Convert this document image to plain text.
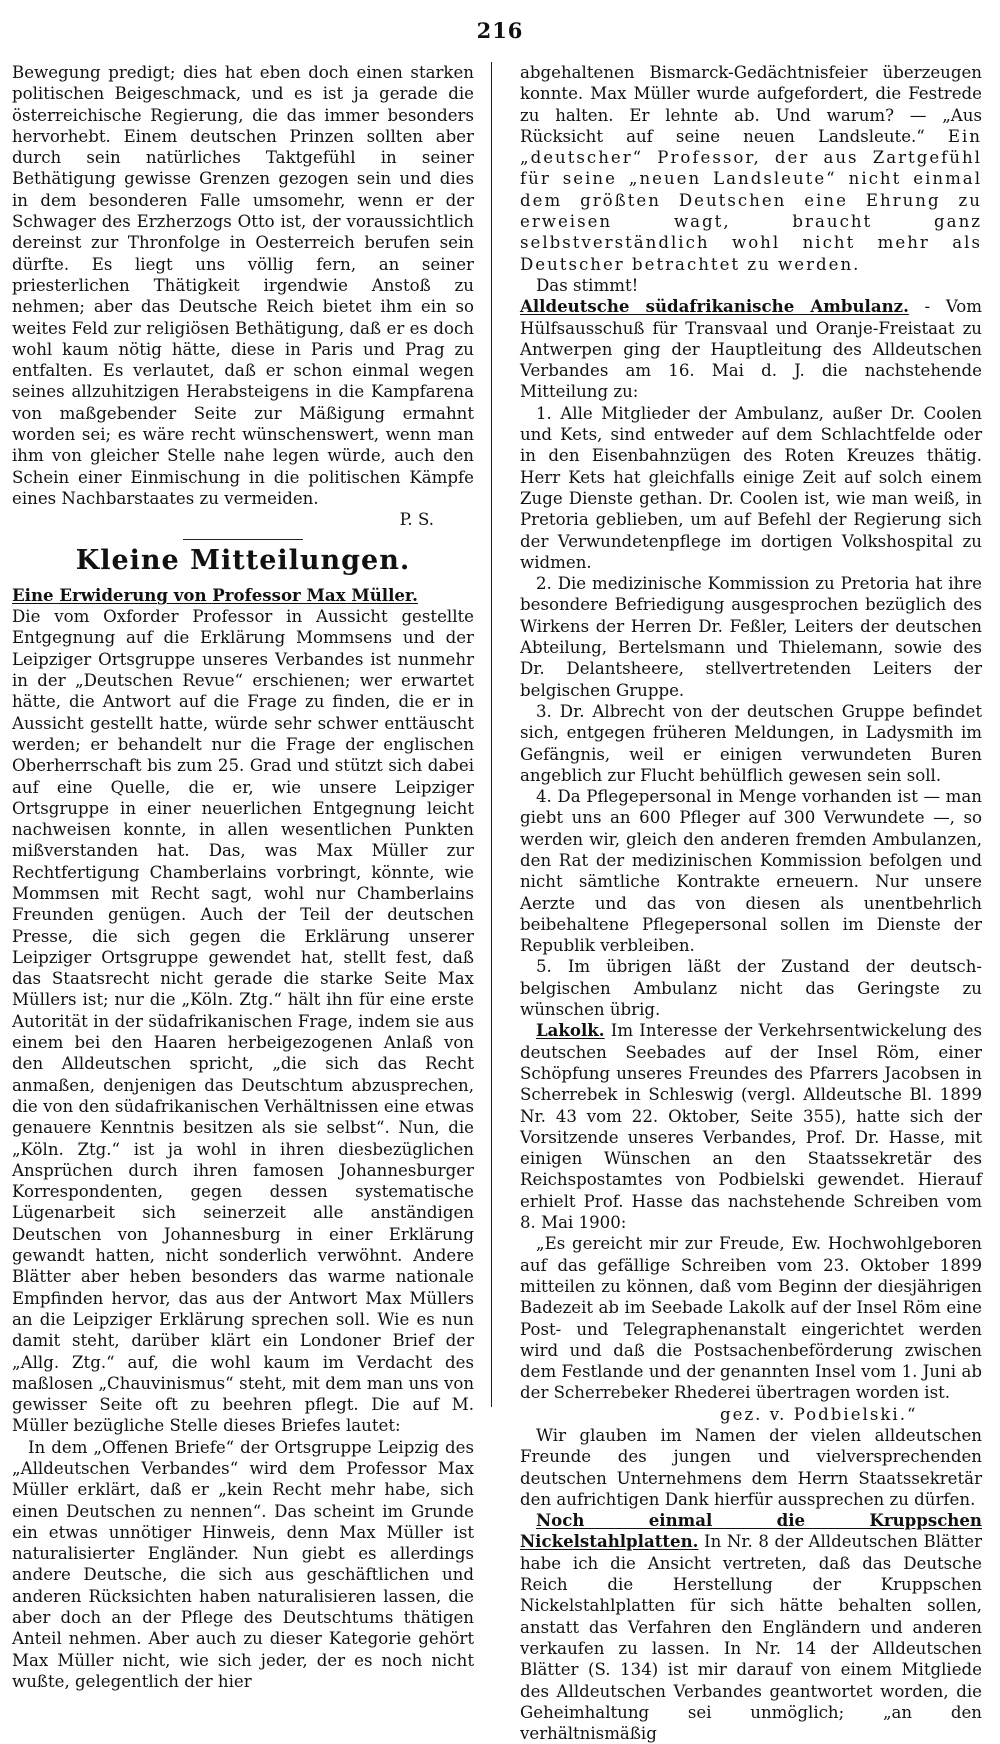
216

Bewegung predigt; dies hat eben doch einen starken politischen Beigeschmack, und es ist ja gerade die österreichische Regierung, die das immer besonders hervorhebt. Einem deutschen Prinzen sollten aber durch sein natürliches Taktgefühl in seiner Bethätigung gewisse Grenzen gezogen sein und dies in dem besonderen Falle umsomehr, wenn er der Schwager des Erzherzogs Otto ist, der voraussichtlich dereinst zur Thronfolge in Oesterreich berufen sein dürfte. Es liegt uns völlig fern, an seiner priesterlichen Thätigkeit irgendwie Anstoß zu nehmen; aber das Deutsche Reich bietet ihm ein so weites Feld zur religiösen Bethätigung, daß er es doch wohl kaum nötig hätte, diese in Paris und Prag zu entfalten. Es verlautet, daß er schon einmal wegen seines allzuhitzigen Herabsteigens in die Kampfarena von maßgebender Seite zur Mäßigung ermahnt worden sei; es wäre recht wünschenswert, wenn man ihm von gleicher Stelle nahe legen würde, auch den Schein einer Einmischung in die politischen Kämpfe eines Nachbarstaates zu vermeiden.

P. S.
Kleine Mitteilungen.

Eine Erwiderung von Professor Max Müller.

Die vom Oxforder Professor in Aussicht gestellte Entgegnung auf die Erklärung Mommsens und der Leipziger Ortsgruppe unseres Verbandes ist nunmehr in der „Deutschen Revue“ erschienen; wer erwartet hätte, die Antwort auf die Frage zu finden, die er in Aussicht gestellt hatte, würde sehr schwer enttäuscht werden; er behandelt nur die Frage der englischen Oberherrschaft bis zum 25. Grad und stützt sich dabei auf eine Quelle, die er, wie unsere Leipziger Ortsgruppe in einer neuerlichen Entgegnung leicht nachweisen konnte, in allen wesentlichen Punkten mißverstanden hat. Das, was Max Müller zur Rechtfertigung Chamberlains vorbringt, könnte, wie Mommsen mit Recht sagt, wohl nur Chamberlains Freunden genügen. Auch der Teil der deutschen Presse, die sich gegen die Erklärung unserer Leipziger Ortsgruppe gewendet hat, stellt fest, daß das Staatsrecht nicht gerade die starke Seite Max Müllers ist; nur die „Köln. Ztg.“ hält ihn für eine erste Autorität in der südafrikanischen Frage, indem sie aus einem bei den Haaren herbeigezogenen Anlaß von den Alldeutschen spricht, „die sich das Recht anmaßen, denjenigen das Deutschtum abzusprechen, die von den südafrikanischen Verhältnissen eine etwas genauere Kenntnis besitzen als sie selbst“. Nun, die „Köln. Ztg.“ ist ja wohl in ihren diesbezüglichen Ansprüchen durch ihren famosen Johannesburger Korrespondenten, gegen dessen systematische Lügenarbeit sich seinerzeit alle anständigen Deutschen von Johannesburg in einer Erklärung gewandt hatten, nicht sonderlich verwöhnt. Andere Blätter aber heben besonders das warme nationale Empfinden hervor, das aus der Antwort Max Müllers an die Leipziger Erklärung sprechen soll. Wie es nun damit steht, darüber klärt ein Londoner Brief der „Allg. Ztg.“ auf, die wohl kaum im Verdacht des maßlosen „Chauvinismus“ steht, mit dem man uns von gewisser Seite oft zu beehren pflegt. Die auf M. Müller bezügliche Stelle dieses Briefes lautet:

In dem „Offenen Briefe“ der Ortsgruppe Leipzig des „Alldeutschen Verbandes“ wird dem Professor Max Müller erklärt, daß er „kein Recht mehr habe, sich einen Deutschen zu nennen“. Das scheint im Grunde ein etwas unnötiger Hinweis, denn Max Müller ist naturalisierter Engländer. Nun giebt es allerdings andere Deutsche, die sich aus geschäftlichen und anderen Rücksichten haben naturalisieren lassen, die aber doch an der Pflege des Deutschtums thätigen Anteil nehmen. Aber auch zu dieser Kategorie gehört Max Müller nicht, wie sich jeder, der es noch nicht wußte, gelegentlich der hier

abgehaltenen Bismarck-Gedächtnisfeier überzeugen konnte. Max Müller wurde aufgefordert, die Festrede zu halten. Er lehnte ab. Und warum? — „Aus Rücksicht auf seine neuen Landsleute.“ Ein „deutscher“ Professor, der aus Zartgefühl für seine „neuen Landsleute“ nicht einmal dem größten Deutschen eine Ehrung zu erweisen wagt, braucht ganz selbstverständlich wohl nicht mehr als Deutscher betrachtet zu werden.

Das stimmt!

Alldeutsche südafrikanische Ambulanz. - Vom Hülfsausschuß für Transvaal und Oranje-Freistaat zu Antwerpen ging der Hauptleitung des Alldeutschen Verbandes am 16. Mai d. J. die nachstehende Mitteilung zu:

1. Alle Mitglieder der Ambulanz, außer Dr. Coolen und Kets, sind entweder auf dem Schlachtfelde oder in den Eisenbahnzügen des Roten Kreuzes thätig. Herr Kets hat gleichfalls einige Zeit auf solch einem Zuge Dienste gethan. Dr. Coolen ist, wie man weiß, in Pretoria geblieben, um auf Befehl der Regierung sich der Verwundetenpflege im dortigen Volkshospital zu widmen.

2. Die medizinische Kommission zu Pretoria hat ihre besondere Befriedigung ausgesprochen bezüglich des Wirkens der Herren Dr. Feßler, Leiters der deutschen Abteilung, Bertelsmann und Thielemann, sowie des Dr. Delantsheere, stellvertretenden Leiters der belgischen Gruppe.

3. Dr. Albrecht von der deutschen Gruppe befindet sich, entgegen früheren Meldungen, in Ladysmith im Gefängnis, weil er einigen verwundeten Buren angeblich zur Flucht behülflich gewesen sein soll.

4. Da Pflegepersonal in Menge vorhanden ist — man giebt uns an 600 Pfleger auf 300 Verwundete —, so werden wir, gleich den anderen fremden Ambulanzen, den Rat der medizinischen Kommission befolgen und nicht sämtliche Kontrakte erneuern. Nur unsere Aerzte und das von diesen als unentbehrlich beibehaltene Pflegepersonal sollen im Dienste der Republik verbleiben.

5. Im übrigen läßt der Zustand der deutsch-belgischen Ambulanz nicht das Geringste zu wünschen übrig.

Lakolk. Im Interesse der Verkehrsentwickelung des deutschen Seebades auf der Insel Röm, einer Schöpfung unseres Freundes des Pfarrers Jacobsen in Scherrebek in Schleswig (vergl. Alldeutsche Bl. 1899 Nr. 43 vom 22. Oktober, Seite 355), hatte sich der Vorsitzende unseres Verbandes, Prof. Dr. Hasse, mit einigen Wünschen an den Staatssekretär des Reichspostamtes von Podbielski gewendet. Hierauf erhielt Prof. Hasse das nachstehende Schreiben vom 8. Mai 1900:

„Es gereicht mir zur Freude, Ew. Hochwohlgeboren auf das gefällige Schreiben vom 23. Oktober 1899 mitteilen zu können, daß vom Beginn der diesjährigen Badezeit ab im Seebade Lakolk auf der Insel Röm eine Post- und Telegraphenanstalt eingerichtet werden wird und daß die Postsachenbeförderung zwischen dem Festlande und der genannten Insel vom 1. Juni ab der Scherrebeker Rhederei übertragen worden ist.

gez. v. Podbielski.“

Wir glauben im Namen der vielen alldeutschen Freunde des jungen und vielversprechenden deutschen Unternehmens dem Herrn Staatssekretär den aufrichtigen Dank hierfür aussprechen zu dürfen.

Noch einmal die Kruppschen Nickelstahlplatten. In Nr. 8 der Alldeutschen Blätter habe ich die Ansicht vertreten, daß das Deutsche Reich die Herstellung der Kruppschen Nickelstahlplatten für sich hätte behalten sollen, anstatt das Verfahren den Engländern und anderen verkaufen zu lassen. In Nr. 14 der Alldeutschen Blätter (S. 134) ist mir darauf von einem Mitgliede des Alldeutschen Verbandes geantwortet worden, die Geheimhaltung sei unmöglich; „an den verhältnismäßig
